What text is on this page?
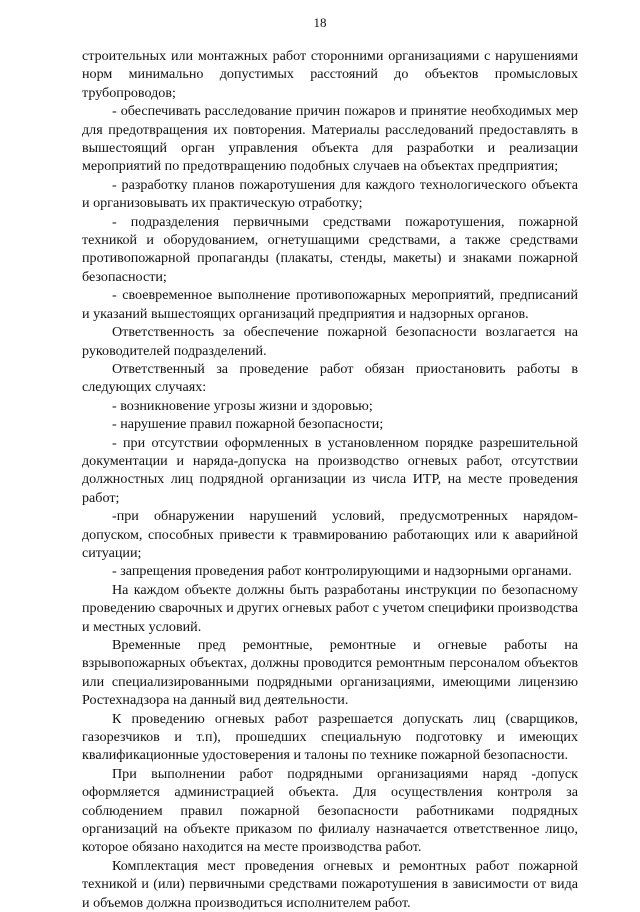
18

строительных или монтажных работ сторонними организациями с нарушениями норм минимально допустимых расстояний до объектов промысловых трубопроводов;

- обеспечивать расследование причин пожаров и принятие необходимых мер для предотвращения их повторения. Материалы расследований предоставлять в вышестоящий орган управления объекта для разработки и реализации мероприятий по предотвращению подобных случаев на объектах предприятия;

- разработку планов пожаротушения для каждого технологического объекта и организовывать их практическую отработку;

- подразделения первичными средствами пожаротушения, пожарной техникой и оборудованием, огнетушащими средствами, а также средствами противопожарной пропаганды (плакаты, стенды, макеты) и знаками пожарной безопасности;

- своевременное выполнение противопожарных мероприятий, предписаний и указаний вышестоящих организаций предприятия и надзорных органов.

Ответственность за обеспечение пожарной безопасности возлагается на руководителей подразделений.

Ответственный за проведение работ обязан приостановить работы в следующих случаях:

- возникновение угрозы жизни и здоровью;

- нарушение правил пожарной безопасности;

- при отсутствии оформленных в установленном порядке разрешительной документации и наряда-допуска на производство огневых работ, отсутствии должностных лиц подрядной организации из числа ИТР, на месте проведения работ;

-при обнаружении нарушений условий, предусмотренных нарядом-допуском, способных привести к травмированию работающих или к аварийной ситуации;

- запрещения проведения работ контролирующими и надзорными органами.

На каждом объекте должны быть разработаны инструкции по безопасному проведению сварочных и других огневых работ с учетом специфики производства и местных условий.

Временные пред ремонтные, ремонтные и огневые работы на взрывопожарных объектах, должны проводится ремонтным персоналом объектов или специализированными подрядными организациями, имеющими лицензию Ростехнадзора на данный вид деятельности.

К проведению огневых работ разрешается допускать лиц (сварщиков, газорезчиков и т.п), прошедших специальную подготовку и имеющих квалификационные удостоверения и талоны по технике пожарной безопасности.

При выполнении работ подрядными организациями наряд -допуск оформляется администрацией объекта. Для осуществления контроля за соблюдением правил пожарной безопасности работниками подрядных организаций на объекте приказом по филиалу назначается ответственное лицо, которое обязано находится на месте производства работ.

Комплектация мест проведения огневых и ремонтных работ пожарной техникой и (или) первичными средствами пожаротушения в зависимости от вида и объемов должна производиться исполнителем работ.
